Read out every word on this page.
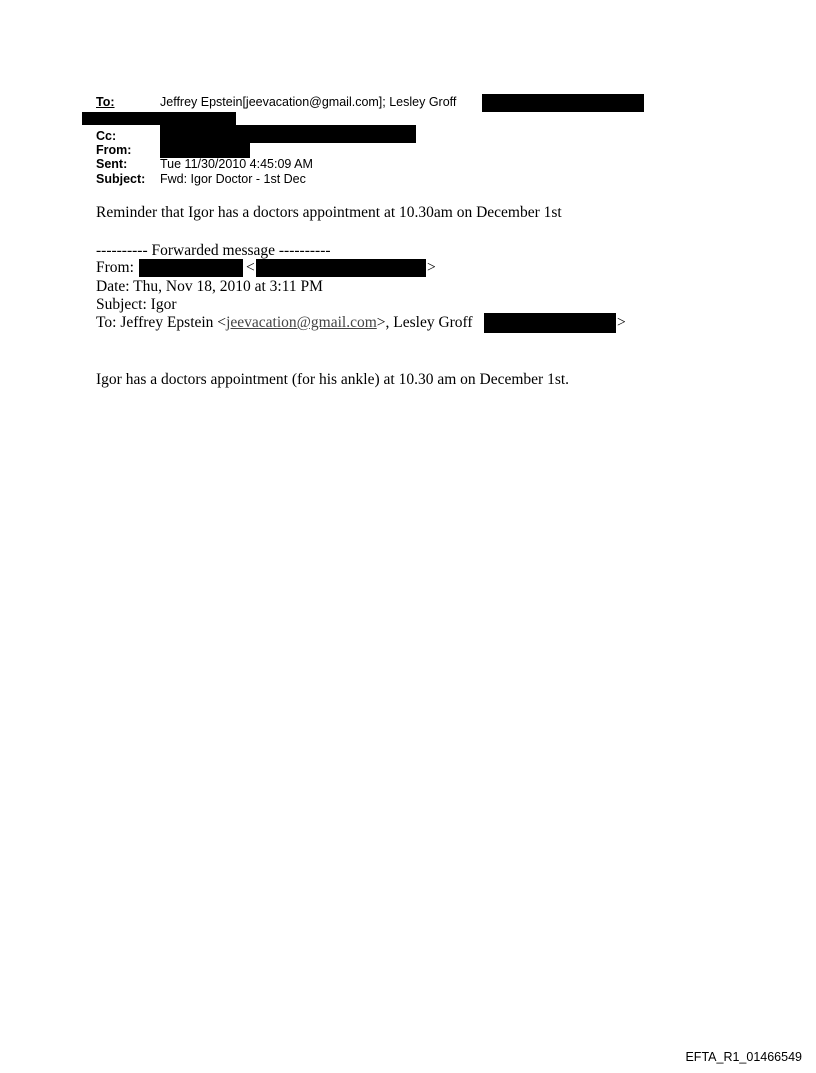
To:	Jeffrey Epstein[jeevacation@gmail.com]; Lesley Groff
Cc:
From:
Sent:	Tue 11/30/2010 4:45:09 AM
Subject: Fwd: Igor Doctor - 1st Dec
Reminder that Igor has a doctors appointment at 10.30am on December 1st
---------- Forwarded message ----------
From:	<	>
Date: Thu, Nov 18, 2010 at 3:11 PM
Subject: Igor
To: Jeffrey Epstein <jeevacation@gmail.com>, Lesley Groff	>
Igor has a doctors appointment (for his ankle) at 10.30 am on December 1st.
EFTA_R1_01466549
